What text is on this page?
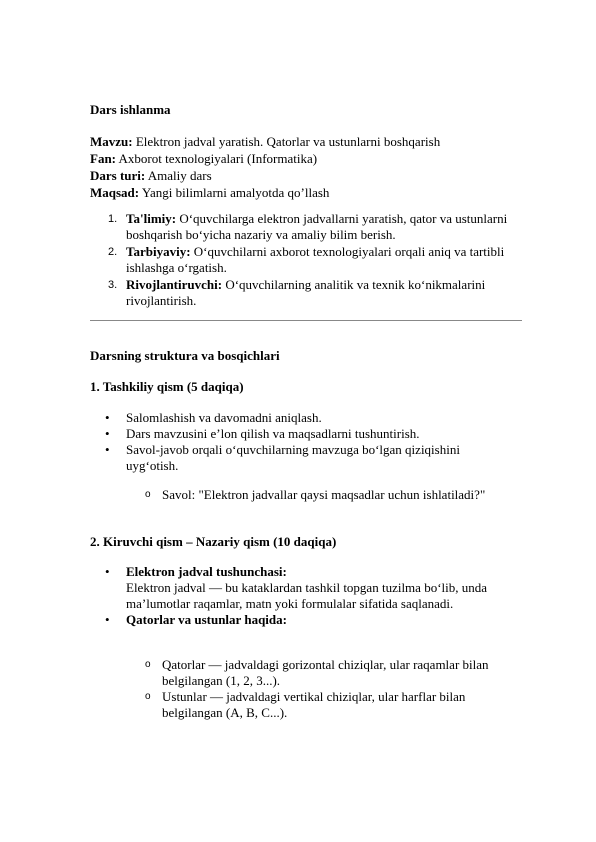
Dars ishlanma

Mavzu: Elektron jadval yaratish. Qatorlar va ustunlarni boshqarish
Fan: Axborot texnologiyalari (Informatika)
Dars turi: Amaliy dars
Maqsad: Yangi bilimlarni amalyotda qo’llash
1. Ta'limiy: O‘quvchilarga elektron jadvallarni yaratish, qator va ustunlarni boshqarish bo‘yicha nazariy va amaliy bilim berish.
2. Tarbiyaviy: O‘quvchilarni axborot texnologiyalari orqali aniq va tartibli ishlashga o‘rgatish.
3. Rivojlantiruvchi: O‘quvchilarning analitik va texnik ko‘nikmalarini rivojlantirish.
Darsning struktura va bosqichlari
1. Tashkiliy qism (5 daqiqa)
• Salomlashish va davomadni aniqlash.
• Dars mavzusini e’lon qilish va maqsadlarni tushuntirish.
• Savol-javob orqali o‘quvchilarning mavzuga bo‘lgan qiziqishini uyg‘otish.
o Savol: "Elektron jadvallar qaysi maqsadlar uchun ishlatiladi?"
2. Kiruvchi qism – Nazariy qism (10 daqiqa)
• Elektron jadval tushunchasi:
Elektron jadval — bu kataklardan tashkil topgan tuzilma bo‘lib, unda ma’lumotlar raqamlar, matn yoki formulalar sifatida saqlanadi.
• Qatorlar va ustunlar haqida:
o Qatorlar — jadvaldagi gorizontal chiziqlar, ular raqamlar bilan belgilangan (1, 2, 3...).
o Ustunlar — jadvaldagi vertikal chiziqlar, ular harflar bilan belgilangan (A, B, C...).
